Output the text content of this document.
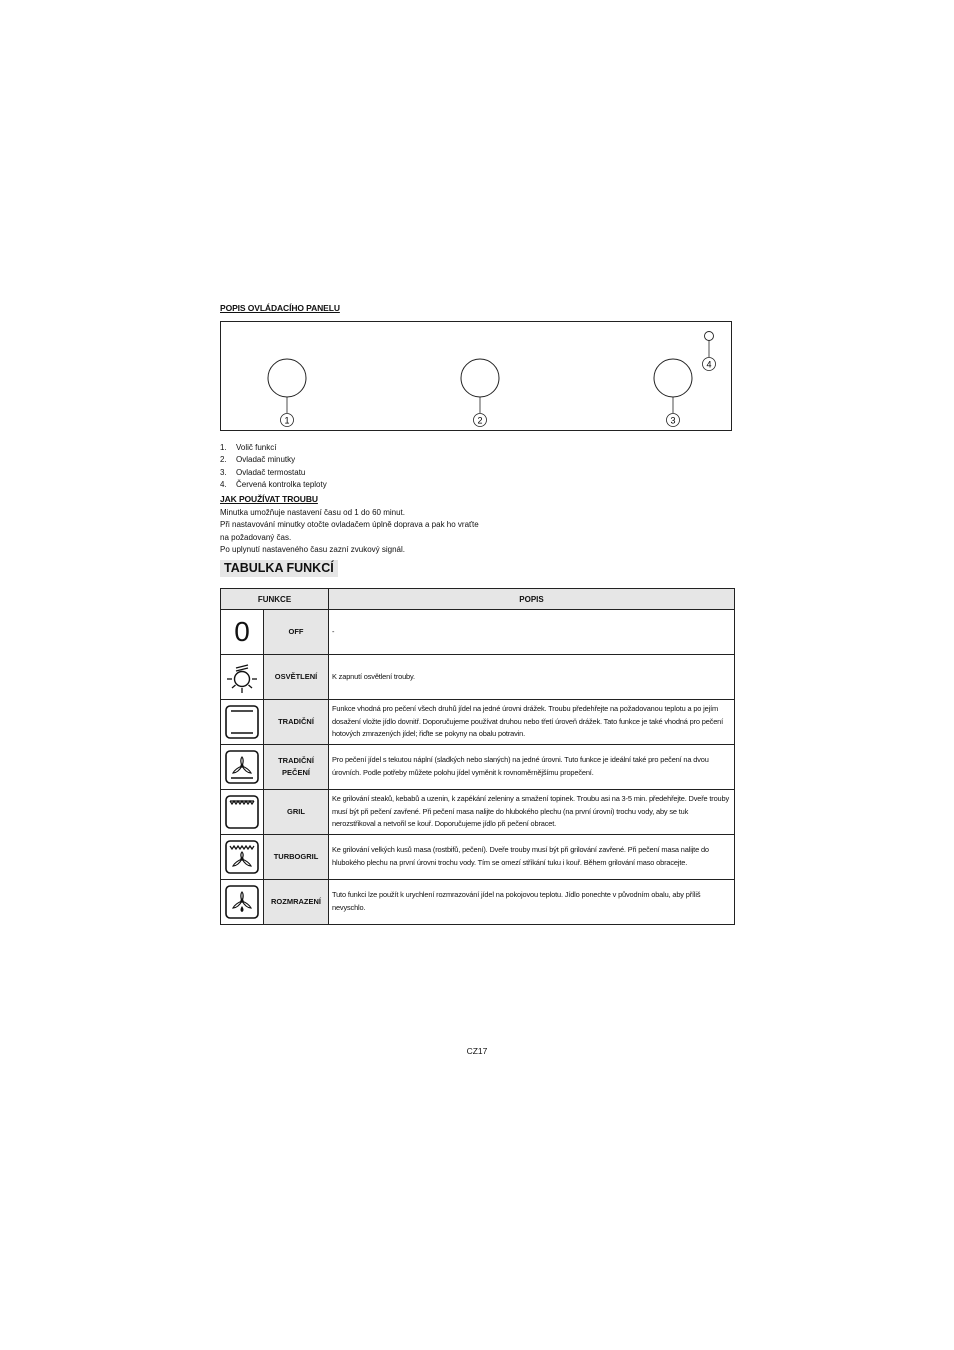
POPIS OVLÁDACÍHO PANELU
1	2	3
4
1.	Volič funkcí
2.	Ovladač minutky
3.	Ovladač termostatu
4.	Červená kontrolka teploty
JAK POUŽÍVAT TROUBU
Minutka umožňuje nastavení času od 1 do 60 minut.
Při nastavování minutky otočte ovladačem úplně doprava a pak ho vraťte
na požadovaný čas.
Po uplynutí nastaveného času zazní zvukový signál.
TABULKA FUNKCÍ
FUNKCE		POPIS
0	OFF	-

	OSVĚTLENÍ	K zapnutí osvětlení trouby.

	TRADIČNÍ	Funkce vhodná pro pečení všech druhů jídel na jedné úrovni drážek. Troubu předehřejte na požadovanou teplotu a po jejím dosažení vložte jídlo dovnitř. Doporučujeme používat druhou nebo třetí úroveň drážek. Tato funkce je také vhodná pro pečení hotových zmrazených jídel; řiďte se pokyny na obalu potravin.

	TRADIČNÍ PEČENÍ	Pro pečení jídel s tekutou náplní (sladkých nebo slaných) na jedné úrovni. Tuto funkce je ideální také pro pečení na dvou úrovních. Podle potřeby můžete polohu jídel vyměnit k rovnoměrnějšímu propečení.

	GRIL	Ke grilování steaků, kebabů a uzenin, k zapékání zeleniny a smažení topinek. Troubu asi na 3-5 min. předehřejte. Dveře trouby musí být při pečení zavřené. Při pečení masa nalijte do hlubokého plechu (na první úrovni) trochu vody, aby se tuk nerozstřikoval a netvořil se kouř. Doporučujeme jídlo při pečení obracet.

	TURBOGRIL	Ke grilování velkých kusů masa (rostbifů, pečení). Dveře trouby musí být při grilování zavřené. Při pečení masa nalijte do hlubokého plechu na první úrovni trochu vody. Tím se omezí stříkání tuku i kouř. Během grilování maso obracejte.

	ROZMRAZENÍ	Tuto funkci lze použít k urychlení rozmrazování jídel na pokojovou teplotu. Jídlo ponechte v původním obalu, aby příliš nevyschlo.
CZ17
